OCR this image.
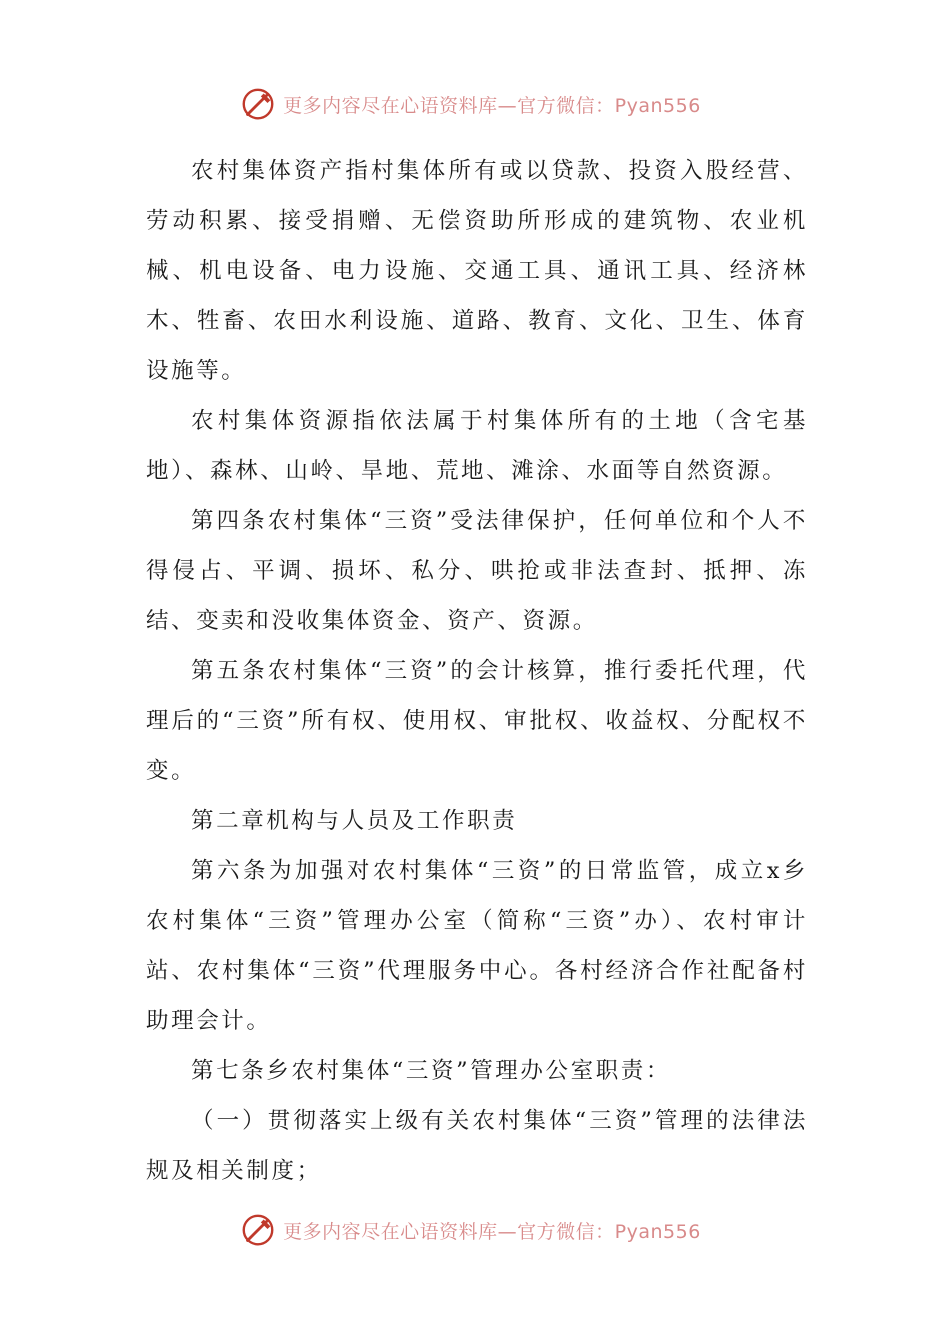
更多内容尽在心语资料库—官方微信：Pyan556

农村集体资产指村集体所有或以贷款、投资入股经营、劳动积累、接受捐赠、无偿资助所形成的建筑物、农业机械、机电设备、电力设施、交通工具、通讯工具、经济林木、牲畜、农田水利设施、道路、教育、文化、卫生、体育设施等。

农村集体资源指依法属于村集体所有的土地（含宅基地）、森林、山岭、旱地、荒地、滩涂、水面等自然资源。

第四条农村集体“三资”受法律保护，任何单位和个人不得侵占、平调、损坏、私分、哄抢或非法查封、抵押、冻结、变卖和没收集体资金、资产、资源。

第五条农村集体“三资”的会计核算，推行委托代理，代理后的“三资”所有权、使用权、审批权、收益权、分配权不变。

第二章机构与人员及工作职责

第六条为加强对农村集体“三资”的日常监管，成立x乡农村集体“三资”管理办公室（简称“三资”办）、农村审计站、农村集体“三资”代理服务中心。各村经济合作社配备村助理会计。

第七条乡农村集体“三资”管理办公室职责：

（一）贯彻落实上级有关农村集体“三资”管理的法律法规及相关制度；

更多内容尽在心语资料库—官方微信：Pyan556
